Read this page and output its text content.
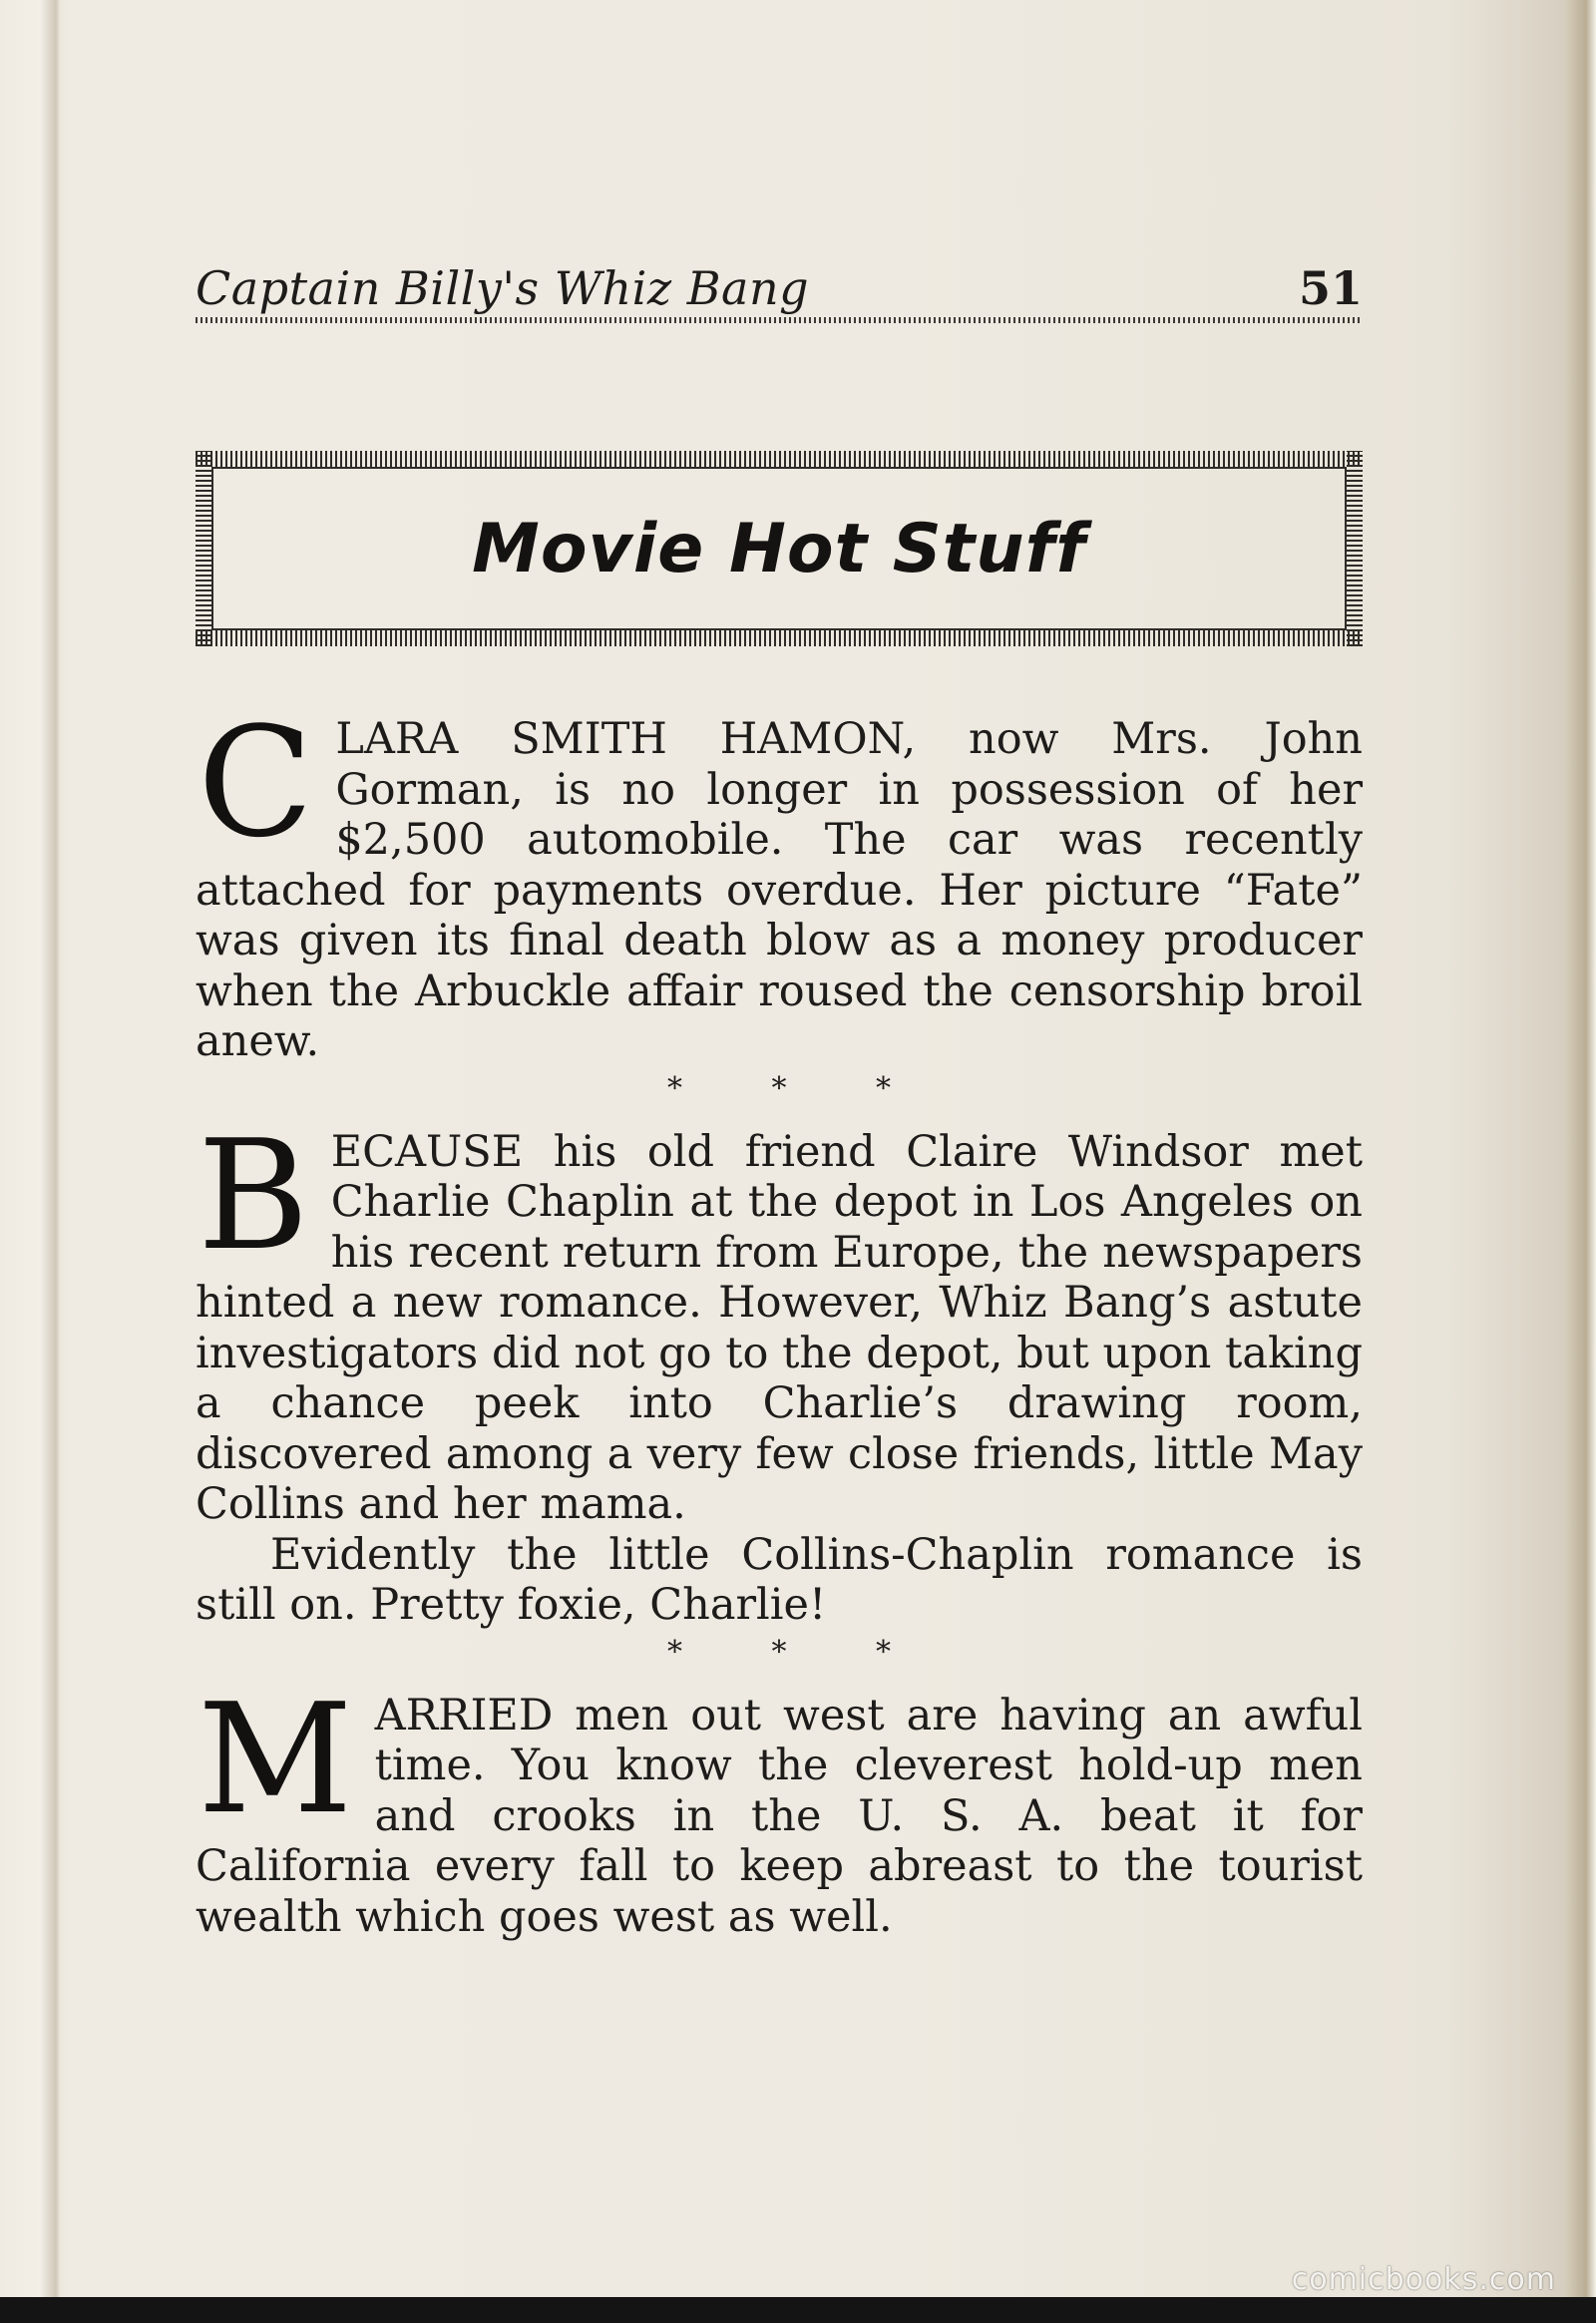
Captain Billy's Whiz Bang	51
Movie Hot Stuff

CLARA SMITH HAMON, now Mrs. John Gorman, is no longer in possession of her $2,500 automobile. The car was recently attached for payments overdue. Her picture “Fate” was given its final death blow as a money producer when the Arbuckle affair roused the censorship broil anew.

* * *

BECAUSE his old friend Claire Windsor met Charlie Chaplin at the depot in Los Angeles on his recent return from Europe, the newspapers hinted a new romance. However, Whiz Bang’s astute investigators did not go to the depot, but upon taking a chance peek into Charlie’s drawing room, discovered among a very few close friends, little May Collins and her mama.

Evidently the little Collins-Chaplin romance is still on. Pretty foxie, Charlie!

* * *

MARRIED men out west are having an awful time. You know the cleverest hold-up men and crooks in the U. S. A. beat it for California every fall to keep abreast to the tourist wealth which goes west as well.

comicbooks.com
